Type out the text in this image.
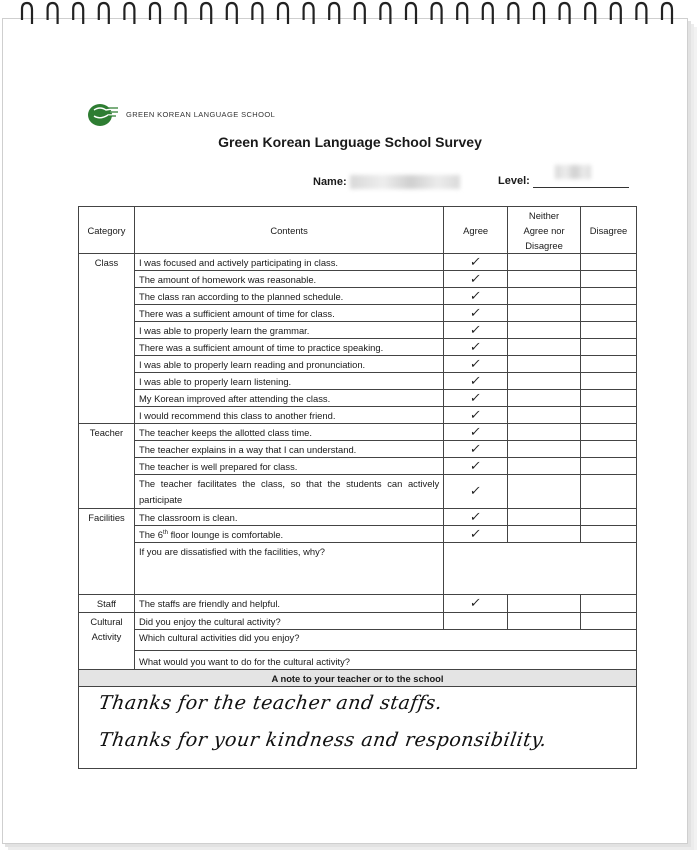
GREEN KOREAN LANGUAGE SCHOOL
Green Korean Language School Survey
Name:	Level:

Category	Contents	Agree	Neither
Agree nor
Disagree	Disagree
Class	I was focused and actively participating in class.	✓		
	The amount of homework was reasonable.	✓		
	The class ran according to the planned schedule.	✓		
	There was a sufficient amount of time for class.	✓		
	I was able to properly learn the grammar.	✓		
	There was a sufficient amount of time to practice speaking.	✓		
	I was able to properly learn reading and pronunciation.	✓		
	I was able to properly learn listening.	✓		
	My Korean improved after attending the class.	✓		
	I would recommend this class to another friend.	✓		
Teacher	The teacher keeps the allotted class time.	✓		
	The teacher explains in a way that I can understand.	✓		
	The teacher is well prepared for class.	✓		
	The teacher facilitates the class, so that the students can actively participate	✓		
Facilities	The classroom is clean.	✓		
	The 6th floor lounge is comfortable.	✓		
	If you are dissatisfied with the facilities, why?			
Staff	The staffs are friendly and helpful.	✓		
Cultural
Activity	Did you enjoy the cultural activity?			
	Which cultural activities did you enjoy?			
	What would you want to do for the cultural activity?			
A note to your teacher or to the school				
Thanks for the teacher and staffs.
Thanks for your kindness and responsibility.
